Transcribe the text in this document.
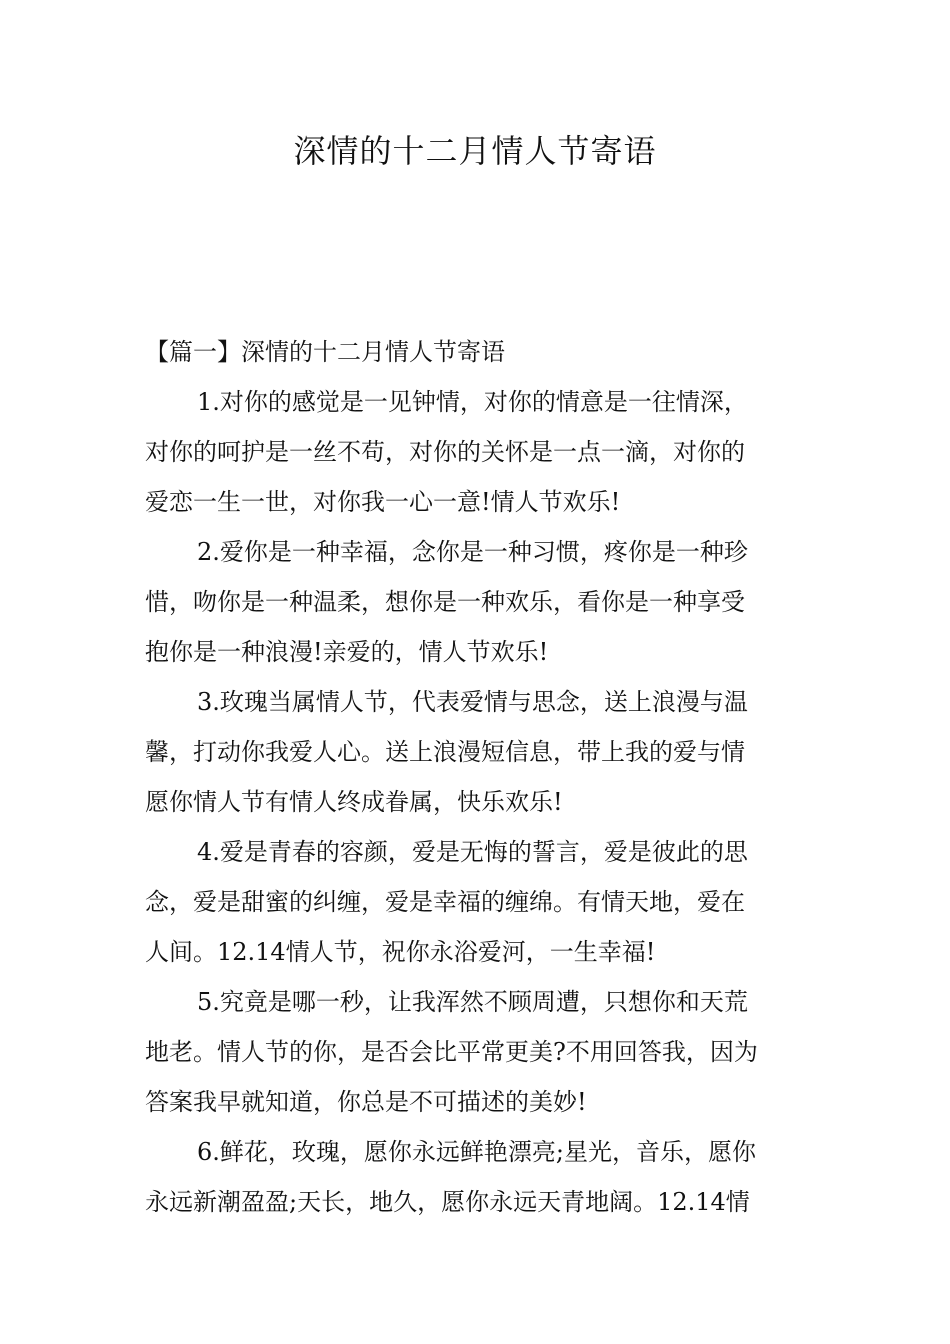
深情的十二月情人节寄语

【篇一】深情的十二月情人节寄语

1.对你的感觉是一见钟情，对你的情意是一往情深，

对你的呵护是一丝不苟，对你的关怀是一点一滴，对你的

爱恋一生一世，对你我一心一意!情人节欢乐!

2.爱你是一种幸福，念你是一种习惯，疼你是一种珍

惜，吻你是一种温柔，想你是一种欢乐，看你是一种享受

抱你是一种浪漫!亲爱的，情人节欢乐!

3.玫瑰当属情人节，代表爱情与思念，送上浪漫与温

馨，打动你我爱人心。送上浪漫短信息，带上我的爱与情

愿你情人节有情人终成眷属，快乐欢乐!

4.爱是青春的容颜，爱是无悔的誓言，爱是彼此的思

念，爱是甜蜜的纠缠，爱是幸福的缠绵。有情天地，爱在

人间。12.14情人节，祝你永浴爱河，一生幸福!

5.究竟是哪一秒，让我浑然不顾周遭，只想你和天荒

地老。情人节的你，是否会比平常更美?不用回答我，因为

答案我早就知道，你总是不可描述的美妙!

6.鲜花，玫瑰，愿你永远鲜艳漂亮;星光，音乐，愿你

永远新潮盈盈;天长，地久，愿你永远天青地阔。12.14情
